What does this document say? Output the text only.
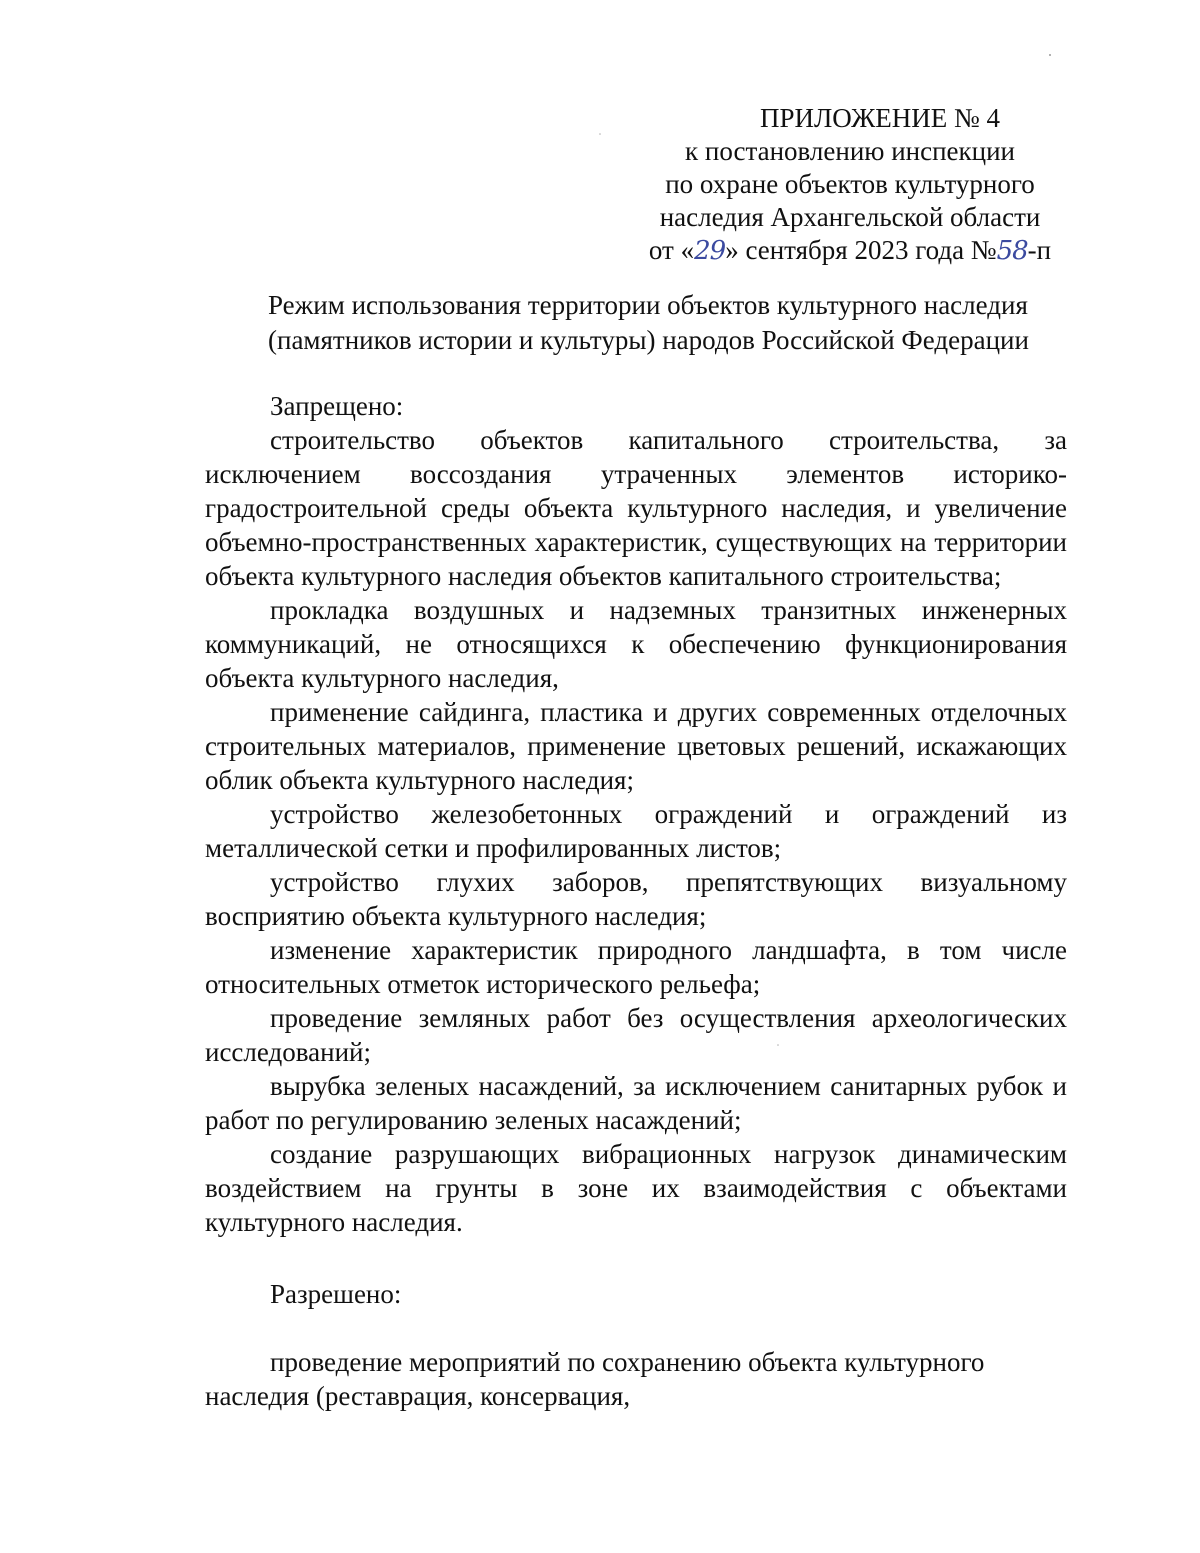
ПРИЛОЖЕНИЕ № 4
к постановлению инспекции
по охране объектов культурного
наследия Архангельской области
от «29» сентября 2023 года №58-п
Режим использования территории объектов культурного наследия
(памятников истории и культуры) народов Российской Федерации
Запрещено:

строительство объектов капитального строительства, за исключением воссоздания утраченных элементов историко-градостроительной среды объекта культурного наследия, и увеличение объемно-пространственных характеристик, существующих на территории объекта культурного наследия объектов капитального строительства;

прокладка воздушных и надземных транзитных инженерных коммуникаций, не относящихся к обеспечению функционирования объекта культурного наследия,

применение сайдинга, пластика и других современных отделочных строительных материалов, применение цветовых решений, искажающих облик объекта культурного наследия;

устройство железобетонных ограждений и ограждений из металлической сетки и профилированных листов;

устройство глухих заборов, препятствующих визуальному восприятию объекта культурного наследия;

изменение характеристик природного ландшафта, в том числе относительных отметок исторического рельефа;

проведение земляных работ без осуществления археологических исследований;

вырубка зеленых насаждений, за исключением санитарных рубок и работ по регулированию зеленых насаждений;

создание разрушающих вибрационных нагрузок динамическим воздействием на грунты в зоне их взаимодействия с объектами культурного наследия.

Разрешено:

проведение мероприятий по сохранению объекта культурного наследия (реставрация, консервация,
